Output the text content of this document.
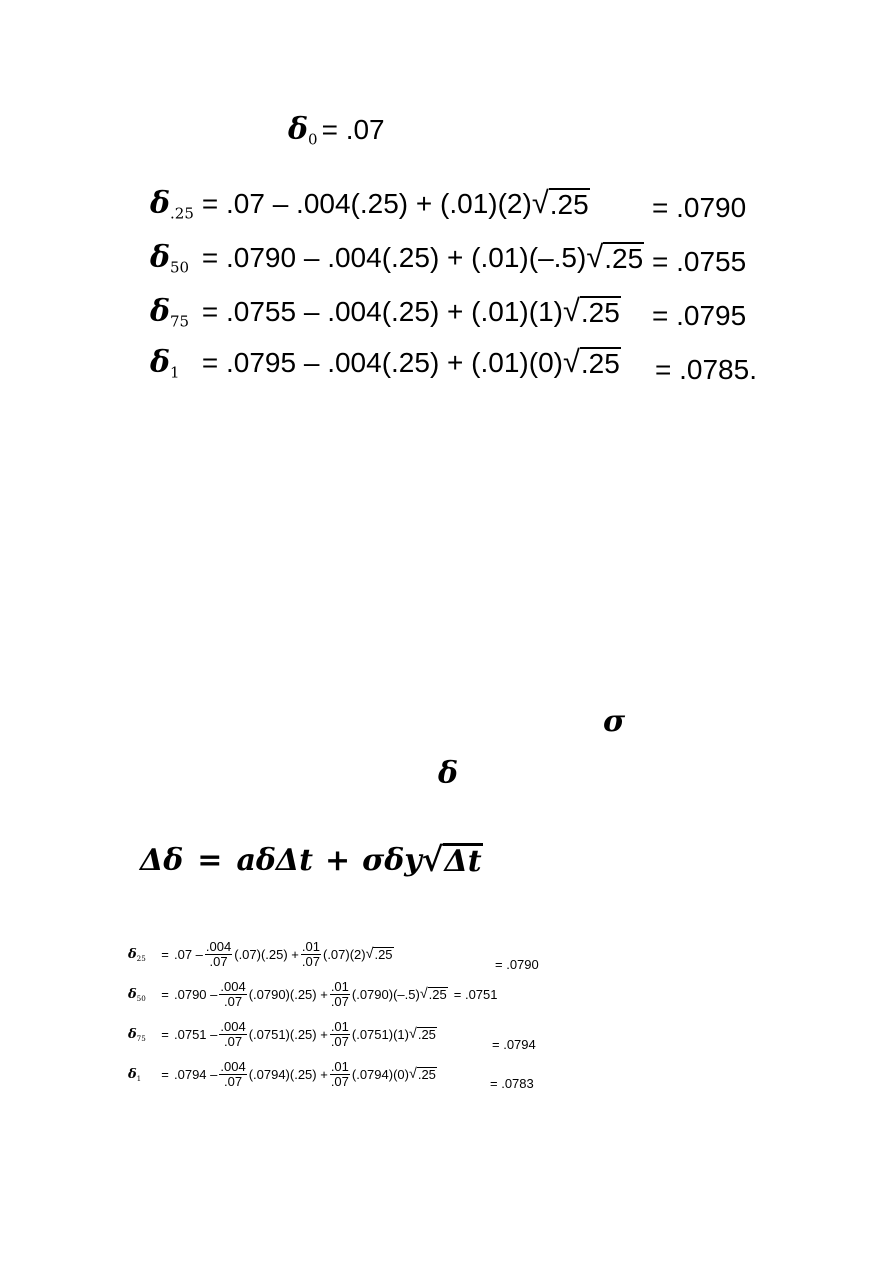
$\delta_0 = .07$
$\delta_{.25} = .07 - .004(.25) + (.01)(2)$ √ .25 = .0790
$\delta_{50} = .0790 - .004(.25) + (.01)(-.5)$ √ .25 = .0755
$\delta_{75} = .0755 - .004(.25) + (.01)(1)$ √ .25 = .0795
$\delta_1 = .0795 - .004(.25) + (.01)(0)$ √ .25 = .0785.
σ
δ
Δδ = aδΔt + σδy √ Δt
$\delta_{25}$	= $.07 - \frac{.004}{.07} (.07)(.25) + \frac{.01}{.07} (.07)(2)$ √ .25
= .0790
$\delta_{50}$	= $.0790 - \frac{.004}{.07} (.0790)(.25) + \frac{.01}{.07} (.0790)(-.5)$ √ .25 = .0751
$\delta_{75}$	= $.0751 - \frac{.004}{.07} (.0751)(.25) + \frac{.01}{.07} (.0751)(1)$ √ .25
= .0794
$\delta_1$	= $.0794 - \frac{.004}{.07} (.0794)(.25) + \frac{.01}{.07} (.0794)(0)$ √ .25
= .0783
